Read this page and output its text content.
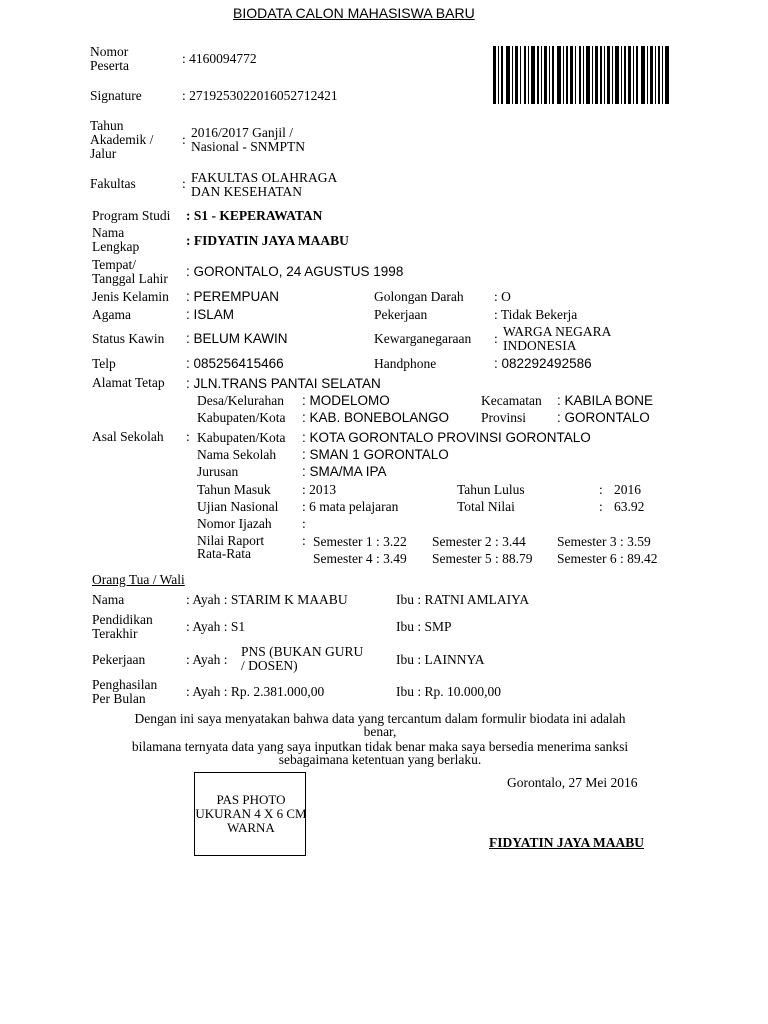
BIODATA CALON MAHASISWA BARU
Nomor
Peserta	: 4160094772
Signature	: 2719253022016052712421
Tahun
Akademik /
Jalur
: 2016/2017 Ganjil /
Nasional - SNMPTN
Fakultas	: FAKULTAS OLAHRAGA
DAN KESEHATAN
Program Studi : S1 - KEPERAWATAN
Nama
Lengkap	: FIDYATIN JAYA MAABU
Tempat/
Tanggal Lahir : GORONTALO, 24 AGUSTUS 1998
Jenis Kelamin : PEREMPUAN	Golongan Darah : O
Agama	: ISLAM	Pekerjaan	: Tidak Bekerja
Status Kawin : BELUM KAWIN	Kewarganegaraan : WARGA NEGARA
INDONESIA
Telp	: 085256415466	Handphone	: 082292492586
Alamat Tetap : JLN.TRANS PANTAI SELATAN
Desa/Kelurahan : MODELOMO	Kecamatan : KABILA BONE
Kabupaten/Kota : KAB. BONEBOLANGO Provinsi : GORONTALO
Asal Sekolah : Kabupaten/Kota : KOTA GORONTALO PROVINSI GORONTALO
Nama Sekolah : SMAN 1 GORONTALO
Jurusan	: SMA/MA IPA
Tahun Masuk : 2013	Tahun Lulus	: 2016
Ujian Nasional : 6 mata pelajaran	Total Nilai	: 63.92
Nomor Ijazah :
Nilai Raport
Rata-Rata
: Semester 1 : 3.22 Semester 2 : 3.44 Semester 3 : 3.59
Semester 4 : 3.49 Semester 5 : 88.79 Semester 6 : 89.42
Orang Tua / Wali
Nama	: Ayah : STARIM K MAABU	Ibu : RATNI AMLAIYA
Pendidikan
Terakhir	: Ayah : S1	Ibu : SMP
Pekerjaan	: Ayah :
PNS (BUKAN GURU
/ DOSEN)	Ibu : LAINNYA
Penghasilan
Per Bulan	: Ayah : Rp. 2.381.000,00	Ibu : Rp. 10.000,00
Dengan ini saya menyatakan bahwa data yang tercantum dalam formulir biodata ini adalah
benar,
bilamana ternyata data yang saya inputkan tidak benar maka saya bersedia menerima sanksi
sebagaimana ketentuan yang berlaku.
Gorontalo, 27 Mei 2016
PAS PHOTO UKURAN 4 X 6 CM WARNA
FIDYATIN JAYA MAABU
